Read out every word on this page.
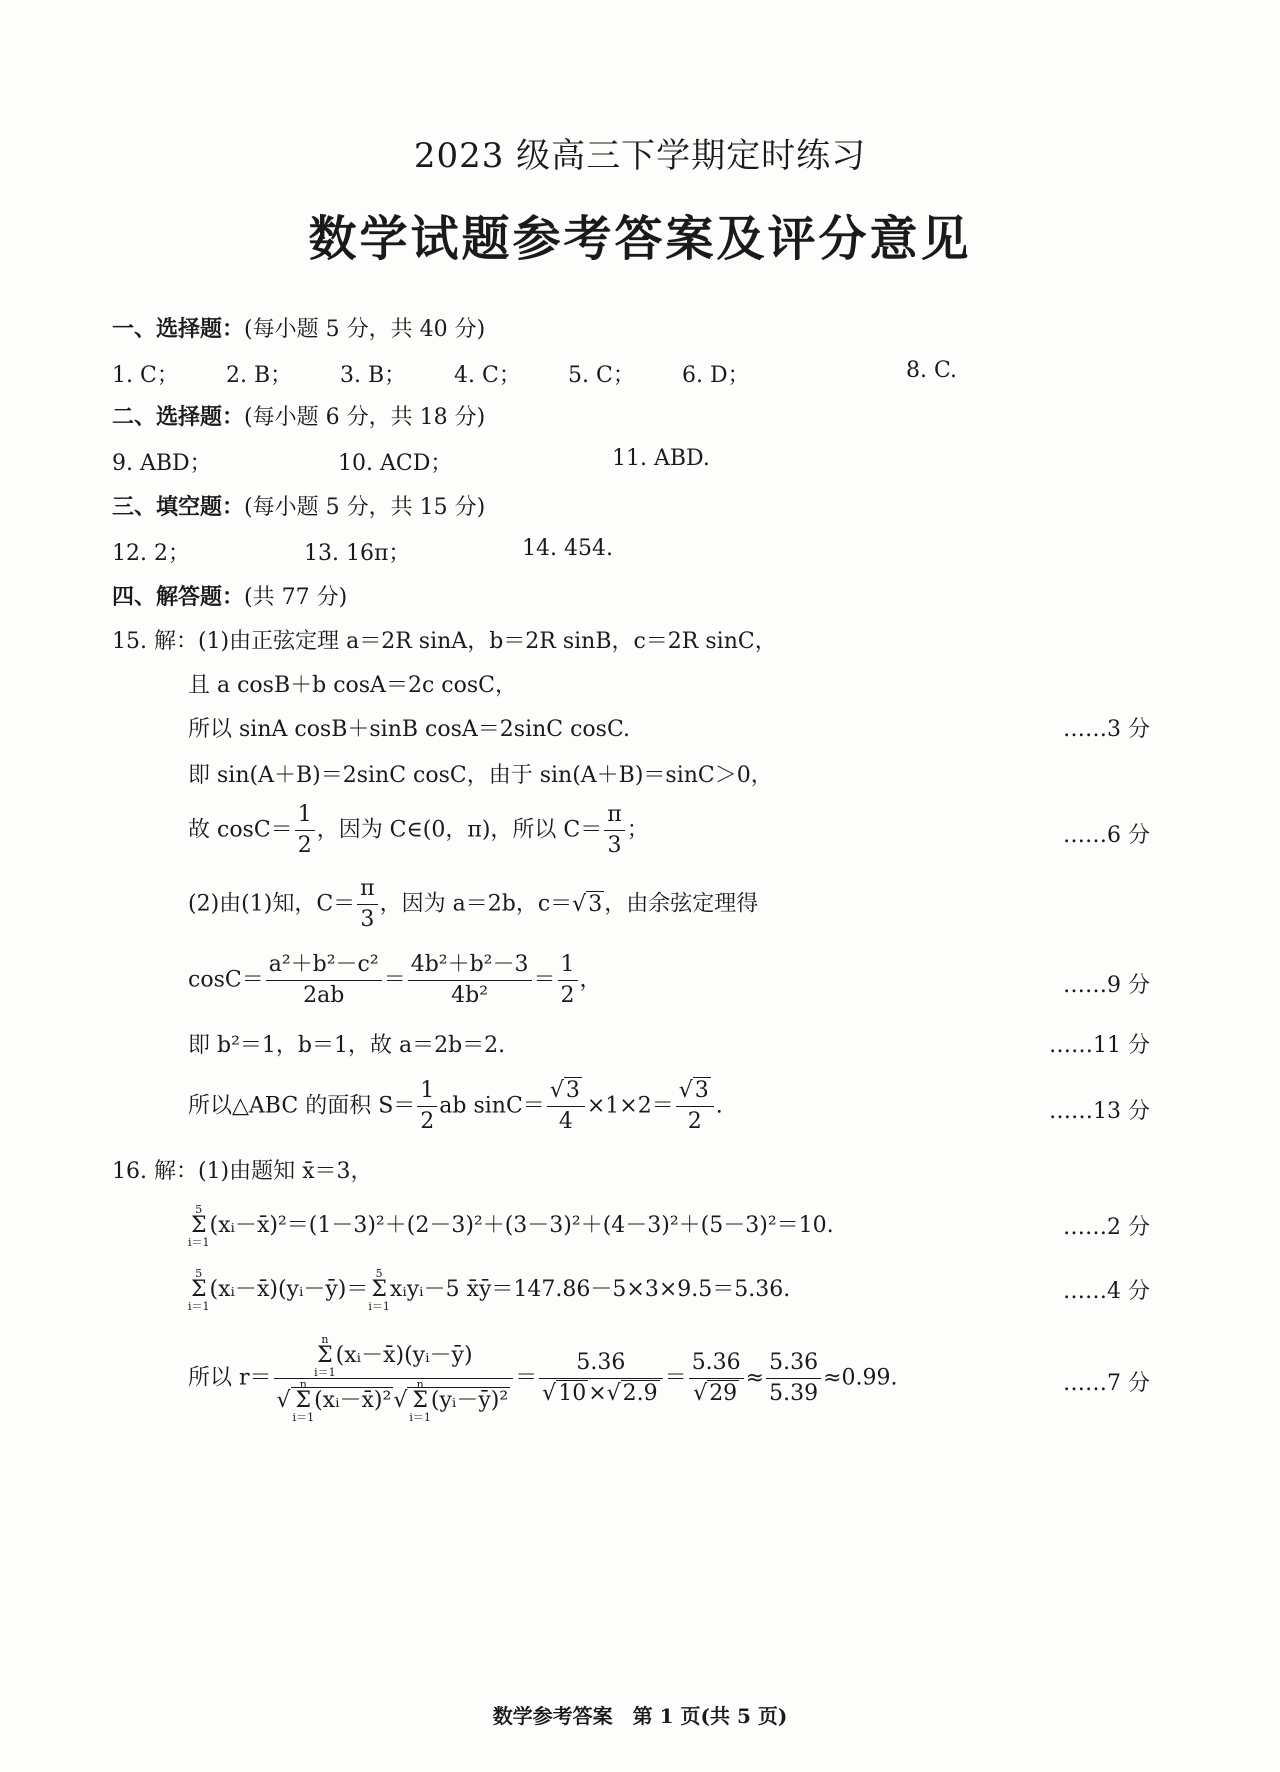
2023 级高三下学期定时练习
数学试题参考答案及评分意见
一、选择题：(每小题 5 分，共 40 分)
1. C； 2. B； 3. B； 4. C； 5. C； 6. D；	8. C.
二、选择题：(每小题 6 分，共 18 分)
9. ABD；	10. ACD；	11. ABD.
三、填空题：(每小题 5 分，共 15 分)
12. 2；	13. 16π；	14. 454.
四、解答题：(共 77 分)
15. 解：(1)由正弦定理 a＝2R sinA，b＝2R sinB，c＝2R sinC，
且 a cosB＋b cosA＝2c cosC，
所以 sinA cosB＋sinB cosA＝2sinC cosC.	……3 分
即 sin(A＋B)＝2sinC cosC，由于 sin(A＋B)＝sinC＞0，
故 $\cos C= \frac{1}{2}$ ，因为 C∈(0，π)，所以 $C= \frac{\pi}{3}$ ；	……6 分
(2)由(1)知，$C= \frac{\pi}{3}$ ，因为 a＝2b，c＝√3，由余弦定理得
$\cos C= \frac{\text{a²＋b²－c²}}{2ab} = \frac{\text{4b²＋b²－3}}{\text{4b²}} = \frac{1}{2}$ ，	……9 分
即 b²＝1，b＝1，故 a＝2b＝2.	……11 分
所以△ABC 的面积 $S= \frac{1}{2}$ ab $\sin C= \frac{√3}{4} \times 1\times 2= \frac{√3}{2}$ .	……13 分
16. 解：(1)由题知 x̄＝3，
5
Σ
i＝1
(xᵢ－x̄)²＝(1－3)²＋(2－3)²＋(3－3)²＋(4－3)²＋(5－3)²＝10.	……2 分
5
Σ
i＝1
(xᵢ－x̄)(yᵢ－ȳ)＝
5
Σ
i＝1
xᵢyᵢ－5 x̄ȳ＝147.86－5×3×9.5＝5.36.	……4 分
所以 r＝
n
Σ
i＝1
(xᵢ－x̄)(yᵢ－ȳ)
√
n
Σ
i＝1
(xᵢ－x̄)²√
n
Σ
i＝1
(yᵢ－ȳ)²
＝ $\frac{5.36}{√10\times√2.9} = \frac{5.36}{√29} \approx \frac{5.36}{5.39} \approx 0.99$.	……7 分
数学参考答案　第 1 页(共 5 页)
